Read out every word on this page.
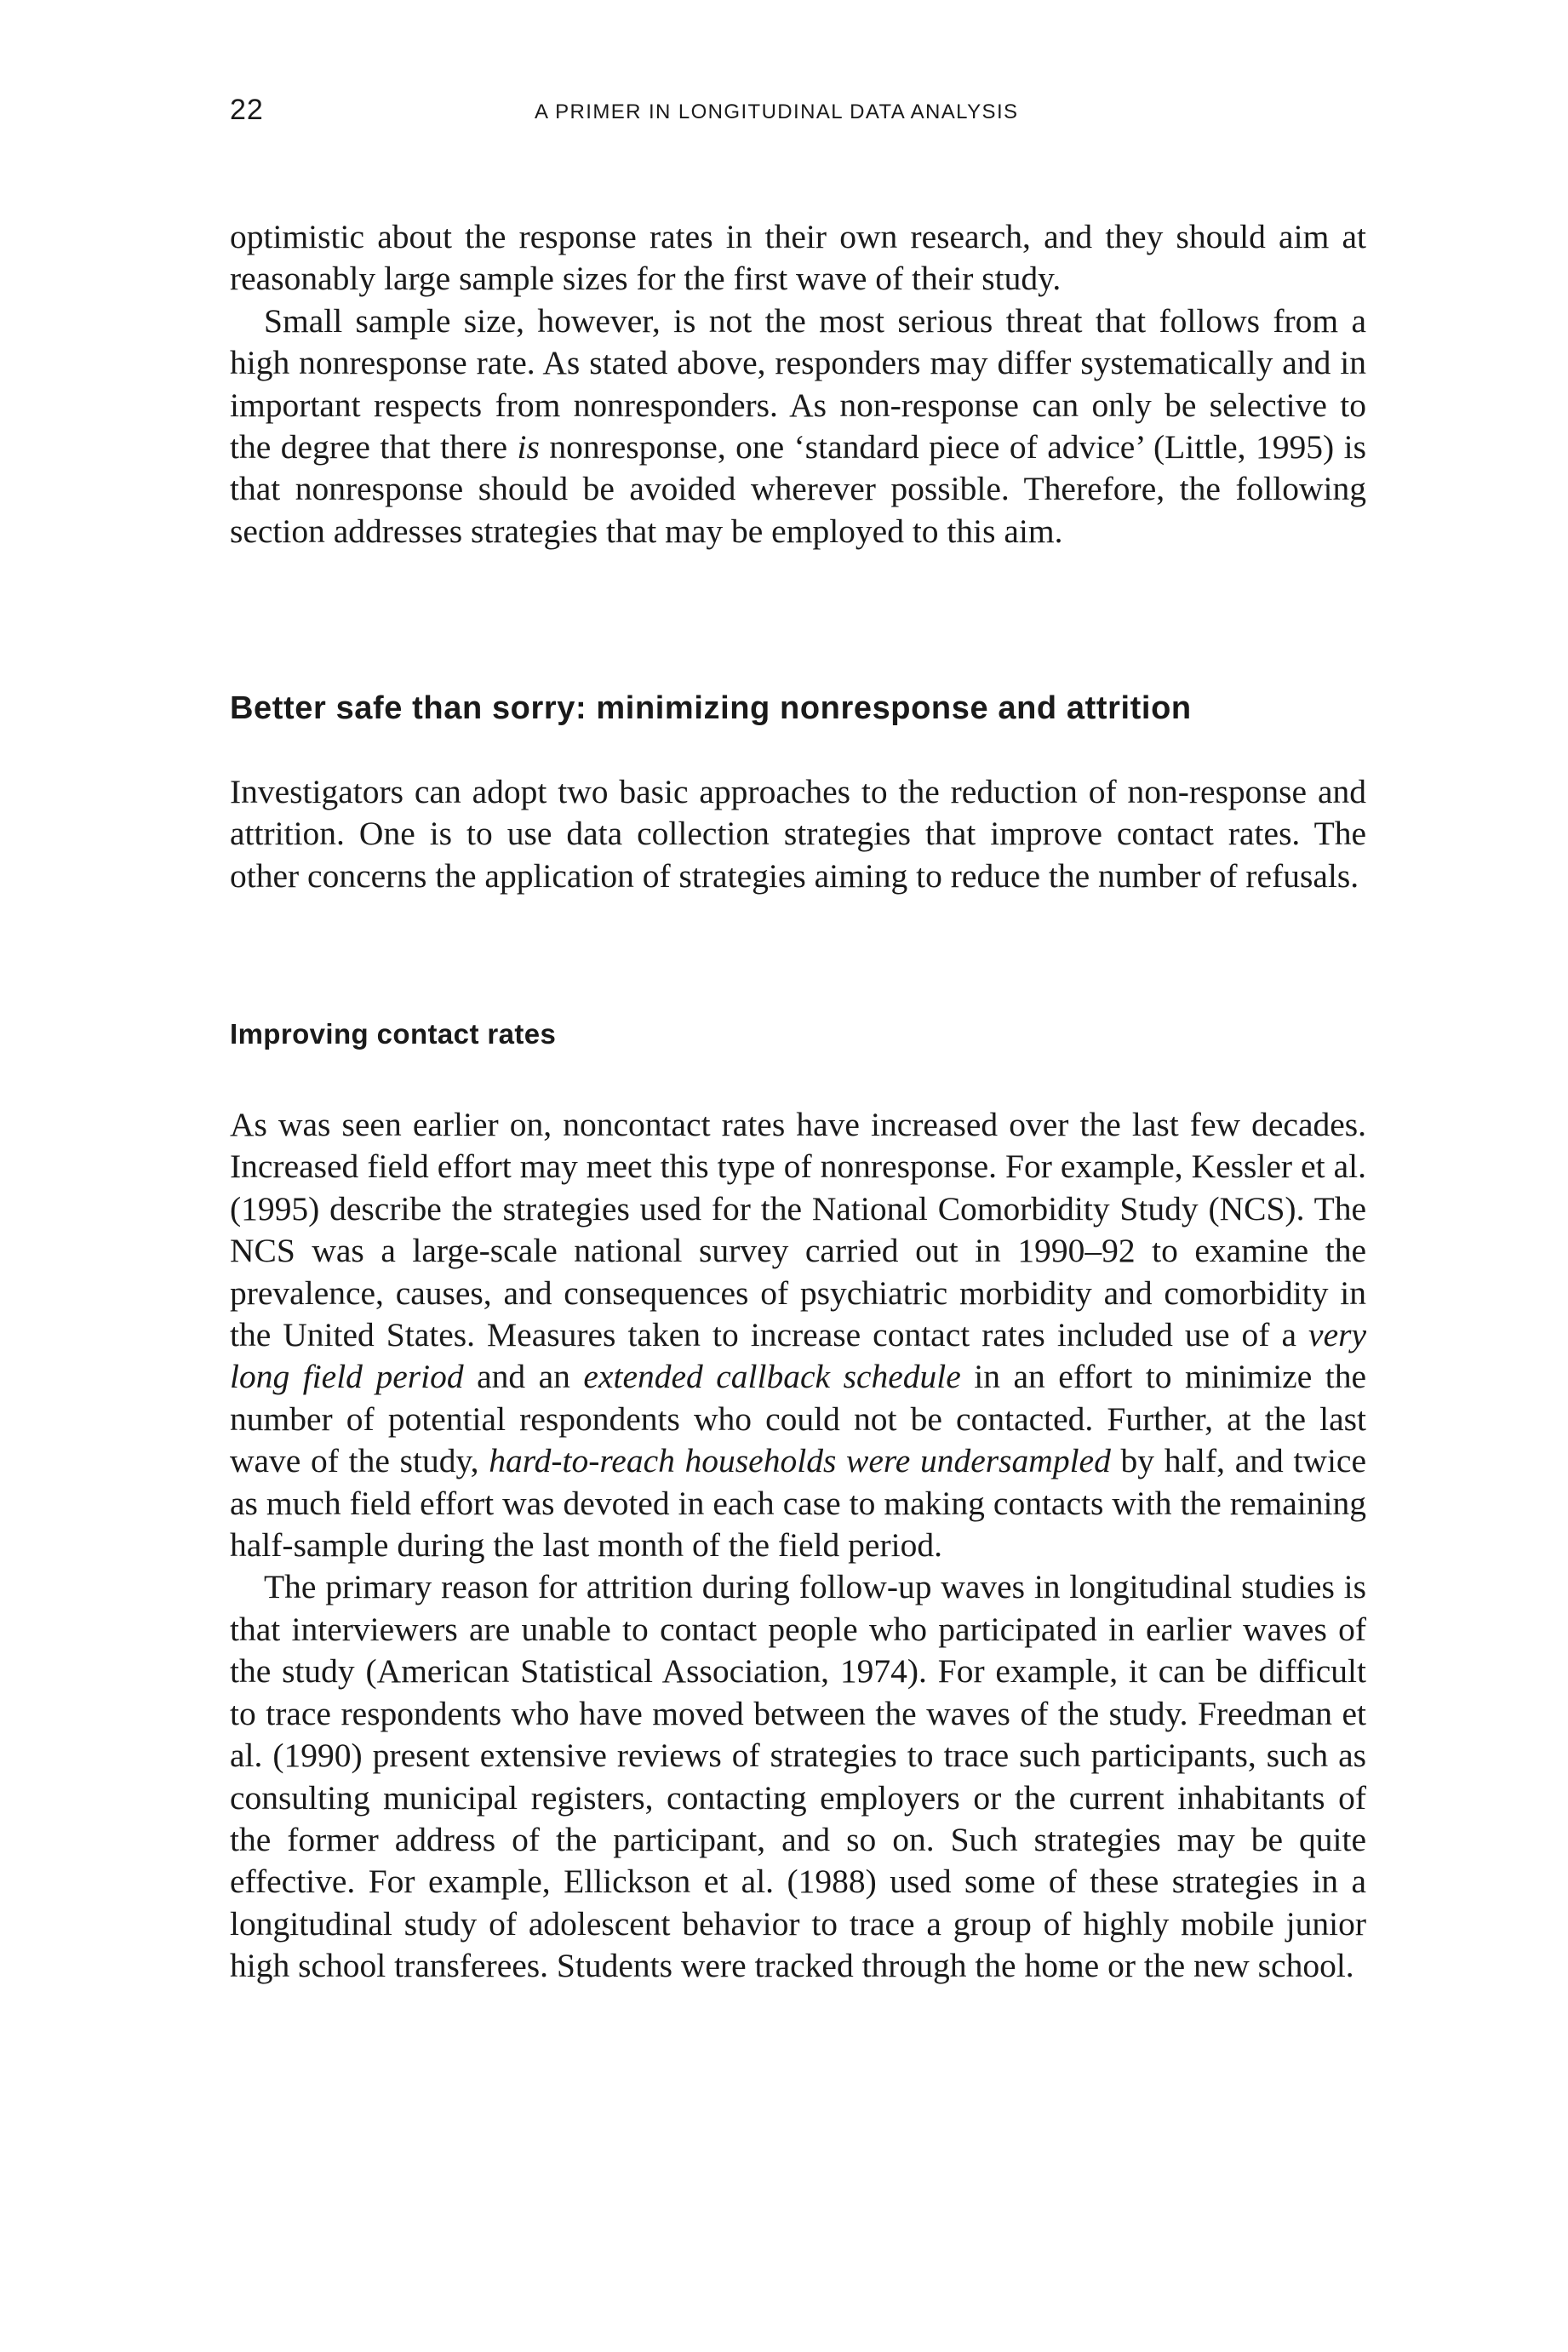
22	A PRIMER IN LONGITUDINAL DATA ANALYSIS

optimistic about the response rates in their own research, and they should aim at reasonably large sample sizes for the first wave of their study.

Small sample size, however, is not the most serious threat that follows from a high nonresponse rate. As stated above, responders may differ systematically and in important respects from nonresponders. As non-response can only be selective to the degree that there is nonresponse, one ‘standard piece of advice’ (Little, 1995) is that nonresponse should be avoided wherever possible. Therefore, the following section addresses strategies that may be employed to this aim.

Better safe than sorry: minimizing nonresponse and attrition

Investigators can adopt two basic approaches to the reduction of non-response and attrition. One is to use data collection strategies that improve contact rates. The other concerns the application of strategies aiming to reduce the number of refusals.

Improving contact rates

As was seen earlier on, noncontact rates have increased over the last few decades. Increased field effort may meet this type of nonresponse. For example, Kessler et al. (1995) describe the strategies used for the National Comorbidity Study (NCS). The NCS was a large-scale national survey carried out in 1990–92 to examine the prevalence, causes, and consequences of psychiatric morbidity and comorbidity in the United States. Measures taken to increase contact rates included use of a very long field period and an extended callback schedule in an effort to minimize the number of potential respondents who could not be contacted. Further, at the last wave of the study, hard-to-reach households were undersampled by half, and twice as much field effort was devoted in each case to making contacts with the remaining half-sample during the last month of the field period.

The primary reason for attrition during follow-up waves in longitudinal studies is that interviewers are unable to contact people who participated in earlier waves of the study (American Statistical Association, 1974). For example, it can be difficult to trace respondents who have moved between the waves of the study. Freedman et al. (1990) present extensive reviews of strategies to trace such participants, such as consulting municipal registers, contacting employers or the current inhabitants of the former address of the participant, and so on. Such strategies may be quite effective. For example, Ellickson et al. (1988) used some of these strategies in a longitudinal study of adolescent behavior to trace a group of highly mobile junior high school transferees. Students were tracked through the home or the new school.
